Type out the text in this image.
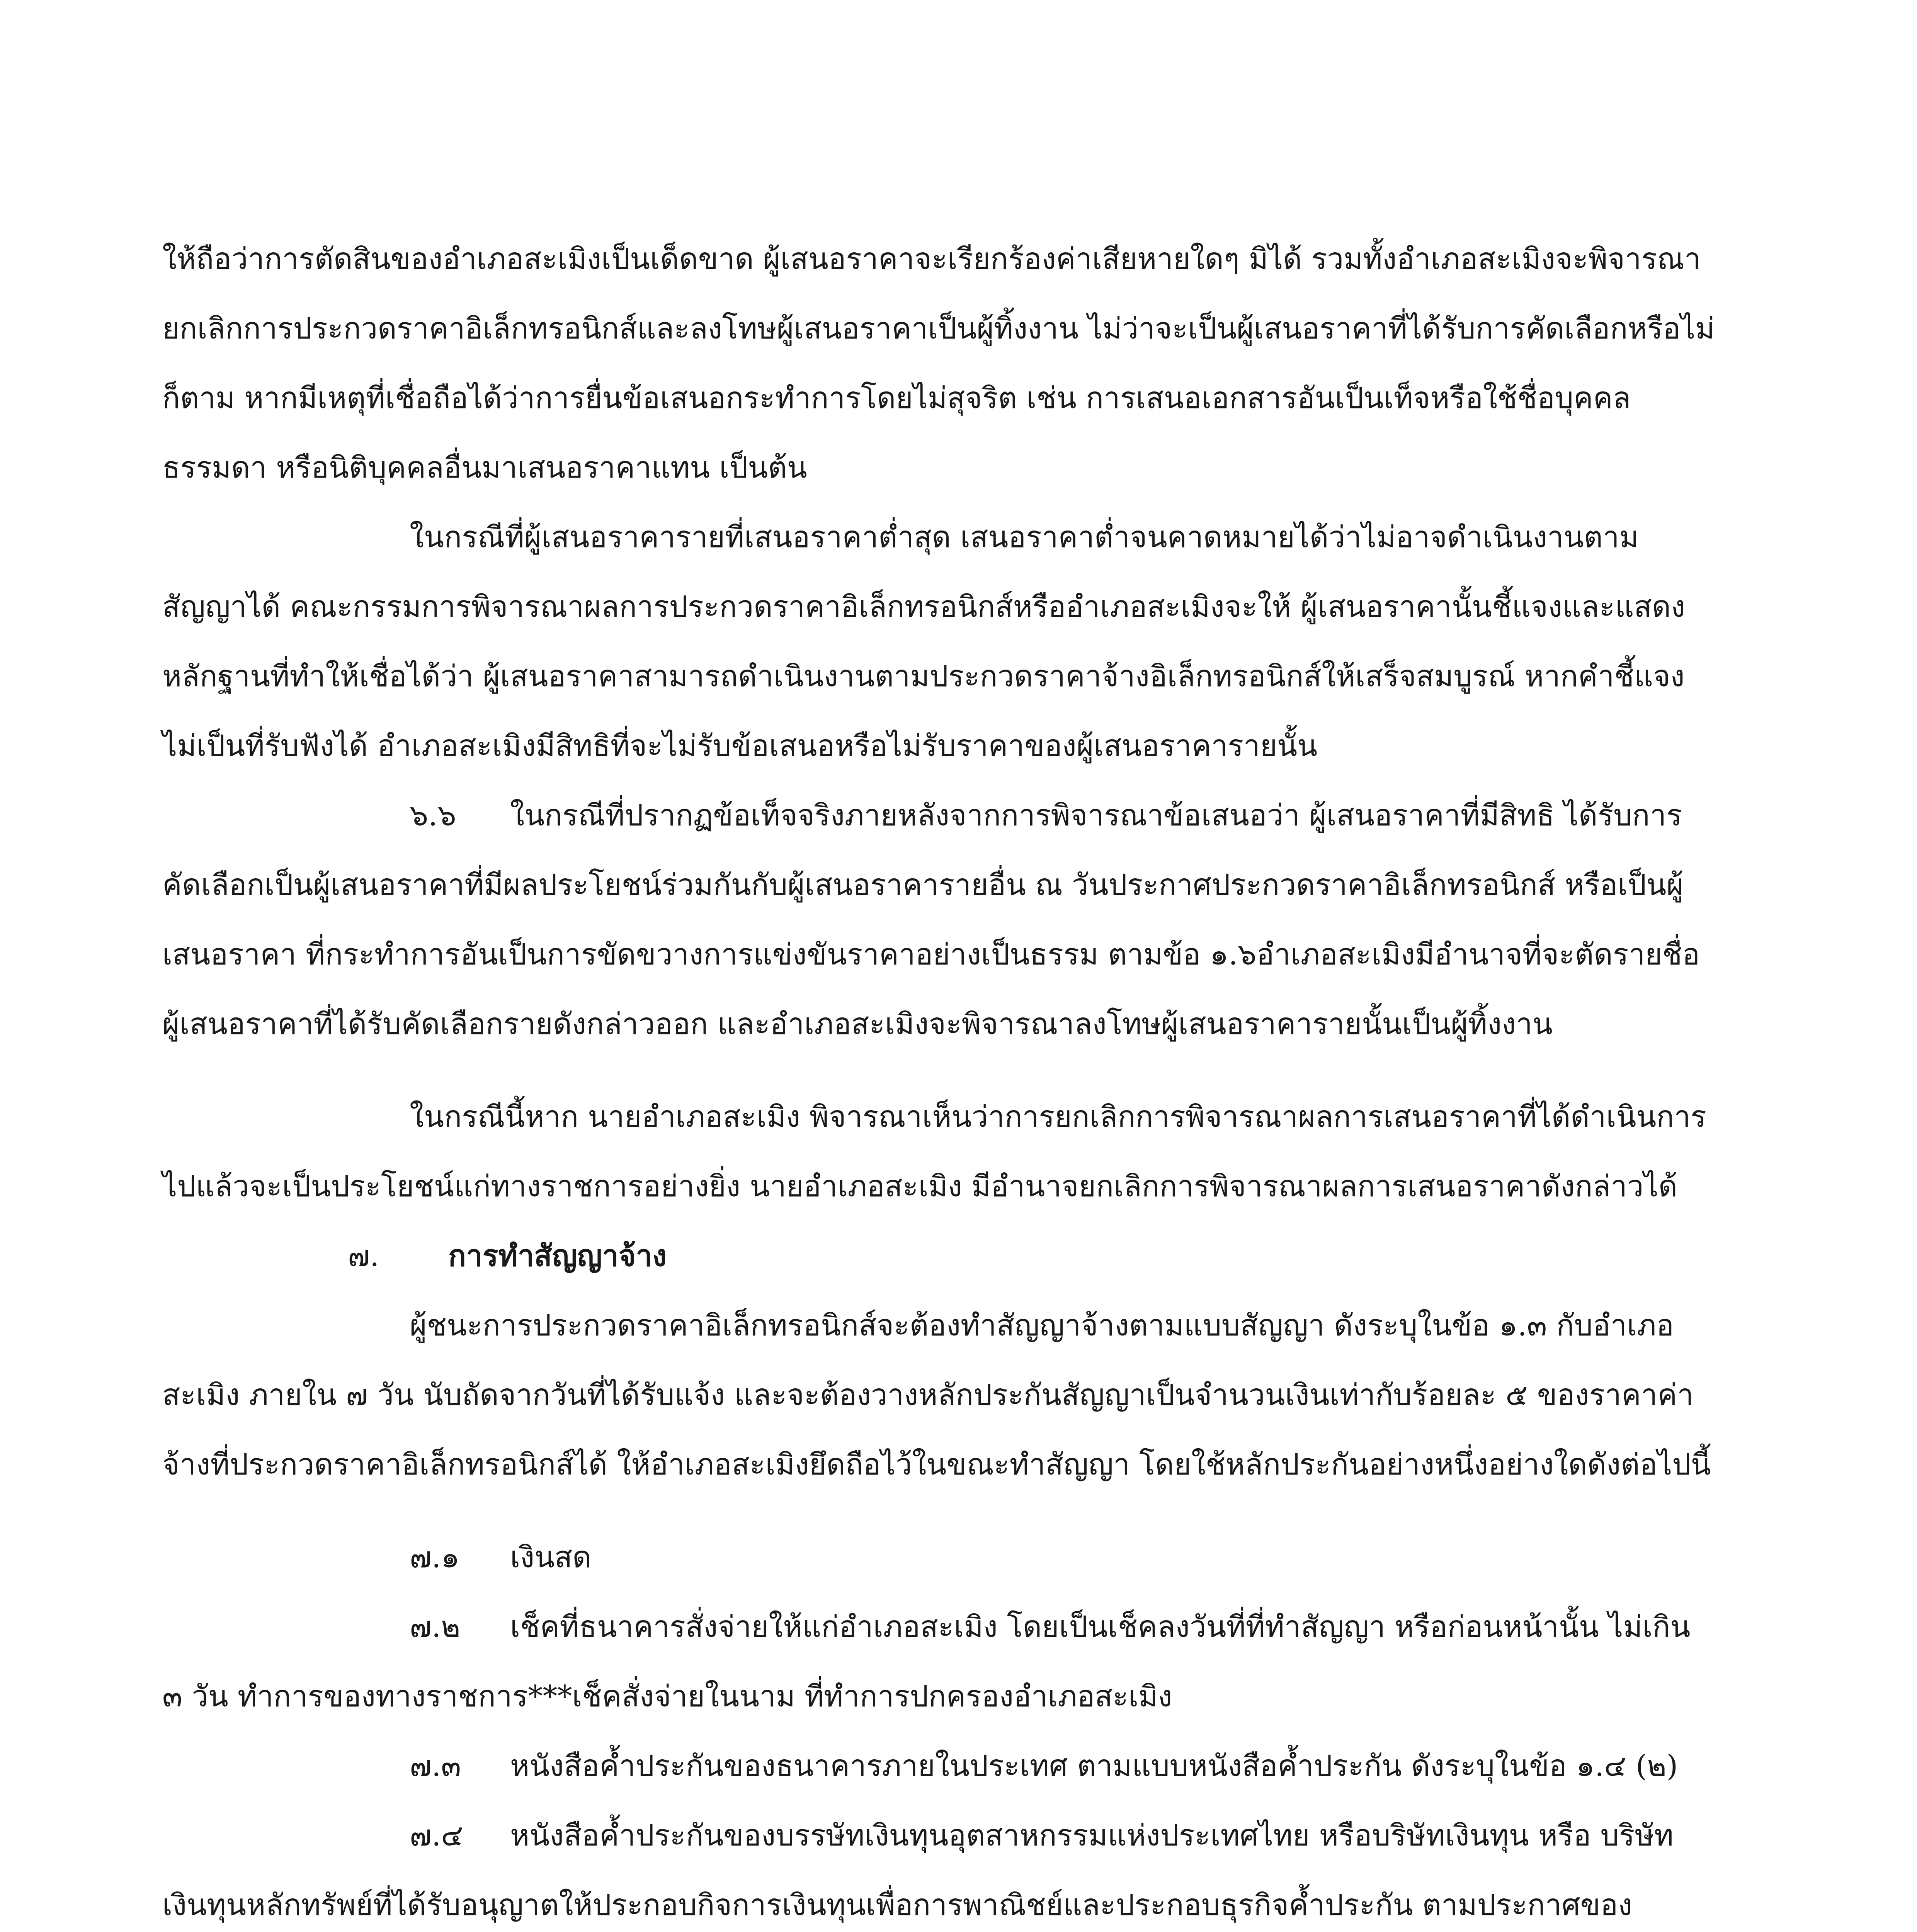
ให้ถือว่าการตัดสินของอำเภอสะเมิงเป็นเด็ดขาด ผู้เสนอราคาจะเรียกร้องค่าเสียหายใดๆ มิได้ รวมทั้งอำเภอสะเมิงจะพิจารณายกเลิกการประกวดราคาอิเล็กทรอนิกส์และลงโทษผู้เสนอราคาเป็นผู้ทิ้งงาน ไม่ว่าจะเป็นผู้เสนอราคาที่ได้รับการคัดเลือกหรือไม่ก็ตาม หากมีเหตุที่เชื่อถือได้ว่าการยื่นข้อเสนอกระทำการโดยไม่สุจริต เช่น การเสนอเอกสารอันเป็นเท็จหรือใช้ชื่อบุคคลธรรมดา หรือนิติบุคคลอื่นมาเสนอราคาแทน เป็นต้น

ในกรณีที่ผู้เสนอราคารายที่เสนอราคาต่ำสุด เสนอราคาต่ำจนคาดหมายได้ว่าไม่อาจดำเนินงานตามสัญญาได้ คณะกรรมการพิจารณาผลการประกวดราคาอิเล็กทรอนิกส์หรืออำเภอสะเมิงจะให้ ผู้เสนอราคานั้นชี้แจงและแสดงหลักฐานที่ทำให้เชื่อได้ว่า ผู้เสนอราคาสามารถดำเนินงานตามประกวดราคาจ้างอิเล็กทรอนิกส์ให้เสร็จสมบูรณ์ หากคำชี้แจงไม่เป็นที่รับฟังได้ อำเภอสะเมิงมีสิทธิที่จะไม่รับข้อเสนอหรือไม่รับราคาของผู้เสนอราคารายนั้น

๖.๖ ในกรณีที่ปรากฏข้อเท็จจริงภายหลังจากการพิจารณาข้อเสนอว่า ผู้เสนอราคาที่มีสิทธิ ได้รับการคัดเลือกเป็นผู้เสนอราคาที่มีผลประโยชน์ร่วมกันกับผู้เสนอราคารายอื่น ณ วันประกาศประกวดราคาอิเล็กทรอนิกส์ หรือเป็นผู้เสนอราคา ที่กระทำการอันเป็นการขัดขวางการแข่งขันราคาอย่างเป็นธรรม ตามข้อ ๑.๖อำเภอสะเมิงมีอำนาจที่จะตัดรายชื่อผู้เสนอราคาที่ได้รับคัดเลือกรายดังกล่าวออก และอำเภอสะเมิงจะพิจารณาลงโทษผู้เสนอราคารายนั้นเป็นผู้ทิ้งงาน

ในกรณีนี้หาก นายอำเภอสะเมิง พิจารณาเห็นว่าการยกเลิกการพิจารณาผลการเสนอราคาที่ได้ดำเนินการไปแล้วจะเป็นประโยชน์แก่ทางราชการอย่างยิ่ง นายอำเภอสะเมิง มีอำนาจยกเลิกการพิจารณาผลการเสนอราคาดังกล่าวได้

๗. การทำสัญญาจ้าง

ผู้ชนะการประกวดราคาอิเล็กทรอนิกส์จะต้องทำสัญญาจ้างตามแบบสัญญา ดังระบุในข้อ ๑.๓ กับอำเภอสะเมิง ภายใน ๗ วัน นับถัดจากวันที่ได้รับแจ้ง และจะต้องวางหลักประกันสัญญาเป็นจำนวนเงินเท่ากับร้อยละ ๕ ของราคาค่าจ้างที่ประกวดราคาอิเล็กทรอนิกส์ได้ ให้อำเภอสะเมิงยึดถือไว้ในขณะทำสัญญา โดยใช้หลักประกันอย่างหนึ่งอย่างใดดังต่อไปนี้

๗.๑ เงินสด

๗.๒ เช็คที่ธนาคารสั่งจ่ายให้แก่อำเภอสะเมิง โดยเป็นเช็คลงวันที่ที่ทำสัญญา หรือก่อนหน้านั้น ไม่เกิน ๓ วัน ทำการของทางราชการ***เช็คสั่งจ่ายในนาม ที่ทำการปกครองอำเภอสะเมิง

๗.๓ หนังสือค้ำประกันของธนาคารภายในประเทศ ตามแบบหนังสือค้ำประกัน ดังระบุในข้อ ๑.๔ (๒)

๗.๔ หนังสือค้ำประกันของบรรษัทเงินทุนอุตสาหกรรมแห่งประเทศไทย หรือบริษัทเงินทุน หรือ บริษัทเงินทุนหลักทรัพย์ที่ได้รับอนุญาตให้ประกอบกิจการเงินทุนเพื่อการพาณิชย์และประกอบธุรกิจค้ำประกัน ตามประกาศของ
